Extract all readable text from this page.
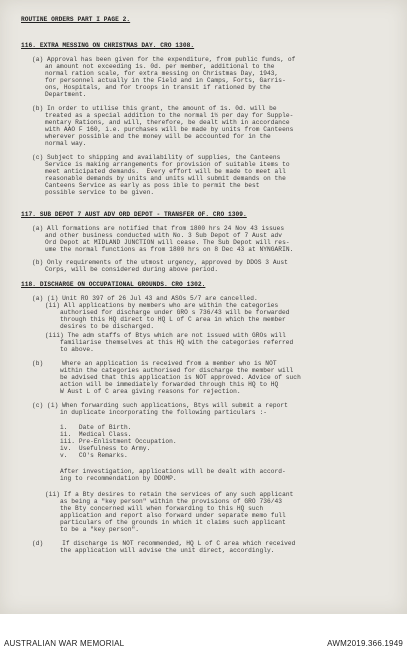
ROUTINE ORDERS PART I PAGE 2.
116. EXTRA MESSING ON CHRISTMAS DAY. CRO 1308.
(a) Approval has been given for the expenditure, from public funds, of
an amount not exceeding 1s. 0d. per member, additional to the
normal ration scale, for extra messing on Christmas Day, 1943,
for personnel actually in the Field and in Camps, Forts, Garris-
ons, Hospitals, and for troops in transit if rationed by the
Department.
(b) In order to utilise this grant, the amount of 1s. 0d. will be
treated as a special addition to the normal 1½ per day for Supple-
mentary Rations, and will, therefore, be dealt with in accordance
with AAO F 160, i.e. purchases will be made by units from Canteens
wherever possible and the money will be accounted for in the
normal way.
(c) Subject to shipping and availability of supplies, the Canteens
Service is making arrangements for provision of suitable items to
meet anticipated demands.  Every effort will be made to meet all
reasonable demands by units and units will submit demands on the
Canteens Service as early as poss ible to permit the best
possible service to be given.
117. SUB DEPOT 7 AUST ADV ORD DEPOT - TRANSFER OF. CRO 1309.
(a) All formations are notified that from 1800 hrs 24 Nov 43 issues
and other business conducted with No. 3 Sub Depot of 7 Aust adv
Ord Depot at MIDLAND JUNCTION will cease. The Sub Depot will res-
ume the normal functions as from 1800 hrs on 8 Dec 43 at NYNGARIN.
(b) Only requirements of the utmost urgency, approved by DDOS 3 Aust
Corps, will be considered during above period.
118. DISCHARGE ON OCCUPATIONAL GROUNDS. CRO 1302.
(a) (i) Unit RO 397 of 26 Jul 43 and ASOs 5/7 are cancelled.
(ii) All applications by members who are within the categories
authorised for discharge under GRO s 736/43 will be forwarded
through this HQ direct to HQ L of C area in which the member
desires to be discharged.
(iii) The adm staffs of Btys which are not issued with GROs will
familiarise themselves at this HQ with the categories referred
to above.
(b)     Where an application is received from a member who is NOT
within the categories authorised for discharge the member will
be advised that this application is NOT approved. Advice of such
action will be immediately forwarded through this HQ to HQ
W Aust L of C area giving reasons for rejection.
(c) (i) When forwarding such applications, Btys will submit a report
in duplicate incorporating the following particulars :-
i.   Date of Birth.
ii.  Medical Class.
iii. Pre-Enlistment Occupation.
iv.  Usefulness to Army.
v.   CO's Remarks.
After investigation, applications will be dealt with accord-
ing to recommendation by DDOMP.
(ii) If a Bty desires to retain the services of any such applicant
as being a "key person" within the provisions of GRO 736/43
the Bty concerned will when forwarding to this HQ such
application and report also forward under separate memo full
particulars of the grounds in which it claims such applicant
to be a "key person".
(d)     If discharge is NOT recommended, HQ L of C area which received
the application will advise the unit direct, accordingly.
AUSTRALIAN WAR MEMORIAL	AWM2019.366.1949
